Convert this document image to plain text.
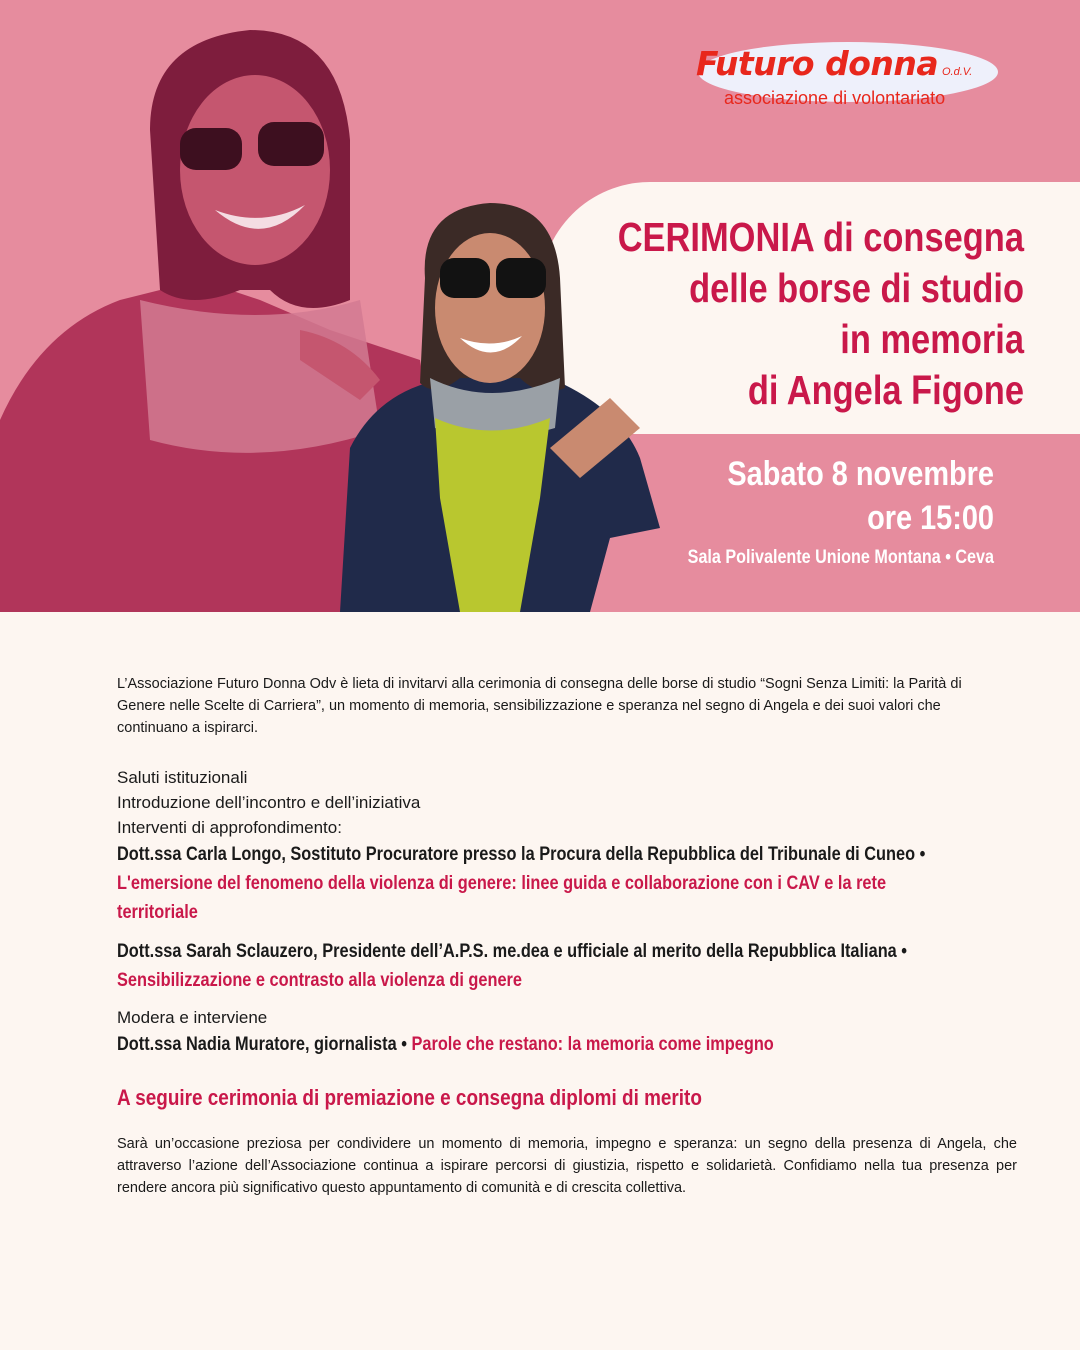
CERIMONIA di consegna
delle borse di studio
in memoria
di Angela Figone
Sabato 8 novembre
ore 15:00
Sala Polivalente Unione Montana • Ceva
Futuro donna O.d.V.
associazione di volontariato

L’Associazione Futuro Donna Odv è lieta di invitarvi alla cerimonia di consegna delle borse di studio “Sogni Senza Limiti: la Parità di Genere nelle Scelte di Carriera”, un momento di memoria, sensibilizzazione e speranza nel segno di Angela e dei suoi valori che continuano a ispirarci.

Saluti istituzionali
Introduzione dell’incontro e dell’iniziativa
Interventi di approfondimento:
Dott.ssa Carla Longo, Sostituto Procuratore presso la Procura della Repubblica del Tribunale di Cuneo •
L'emersione del fenomeno della violenza di genere: linee guida e collaborazione con i CAV e la rete
territoriale
Dott.ssa Sarah Sclauzero, Presidente dell’A.P.S. me.dea e ufficiale al merito della Repubblica Italiana •
Sensibilizzazione e contrasto alla violenza di genere
Modera e interviene
Dott.ssa Nadia Muratore, giornalista • Parole che restano: la memoria come impegno
A seguire cerimonia di premiazione e consegna diplomi di merito

Sarà un’occasione preziosa per condividere un momento di memoria, impegno e speranza: un segno della presenza di Angela, che attraverso l’azione dell’Associazione continua a ispirare percorsi di giustizia, rispetto e solidarietà. Confidiamo nella tua presenza per rendere ancora più significativo questo appuntamento di comunità e di crescita collettiva.
